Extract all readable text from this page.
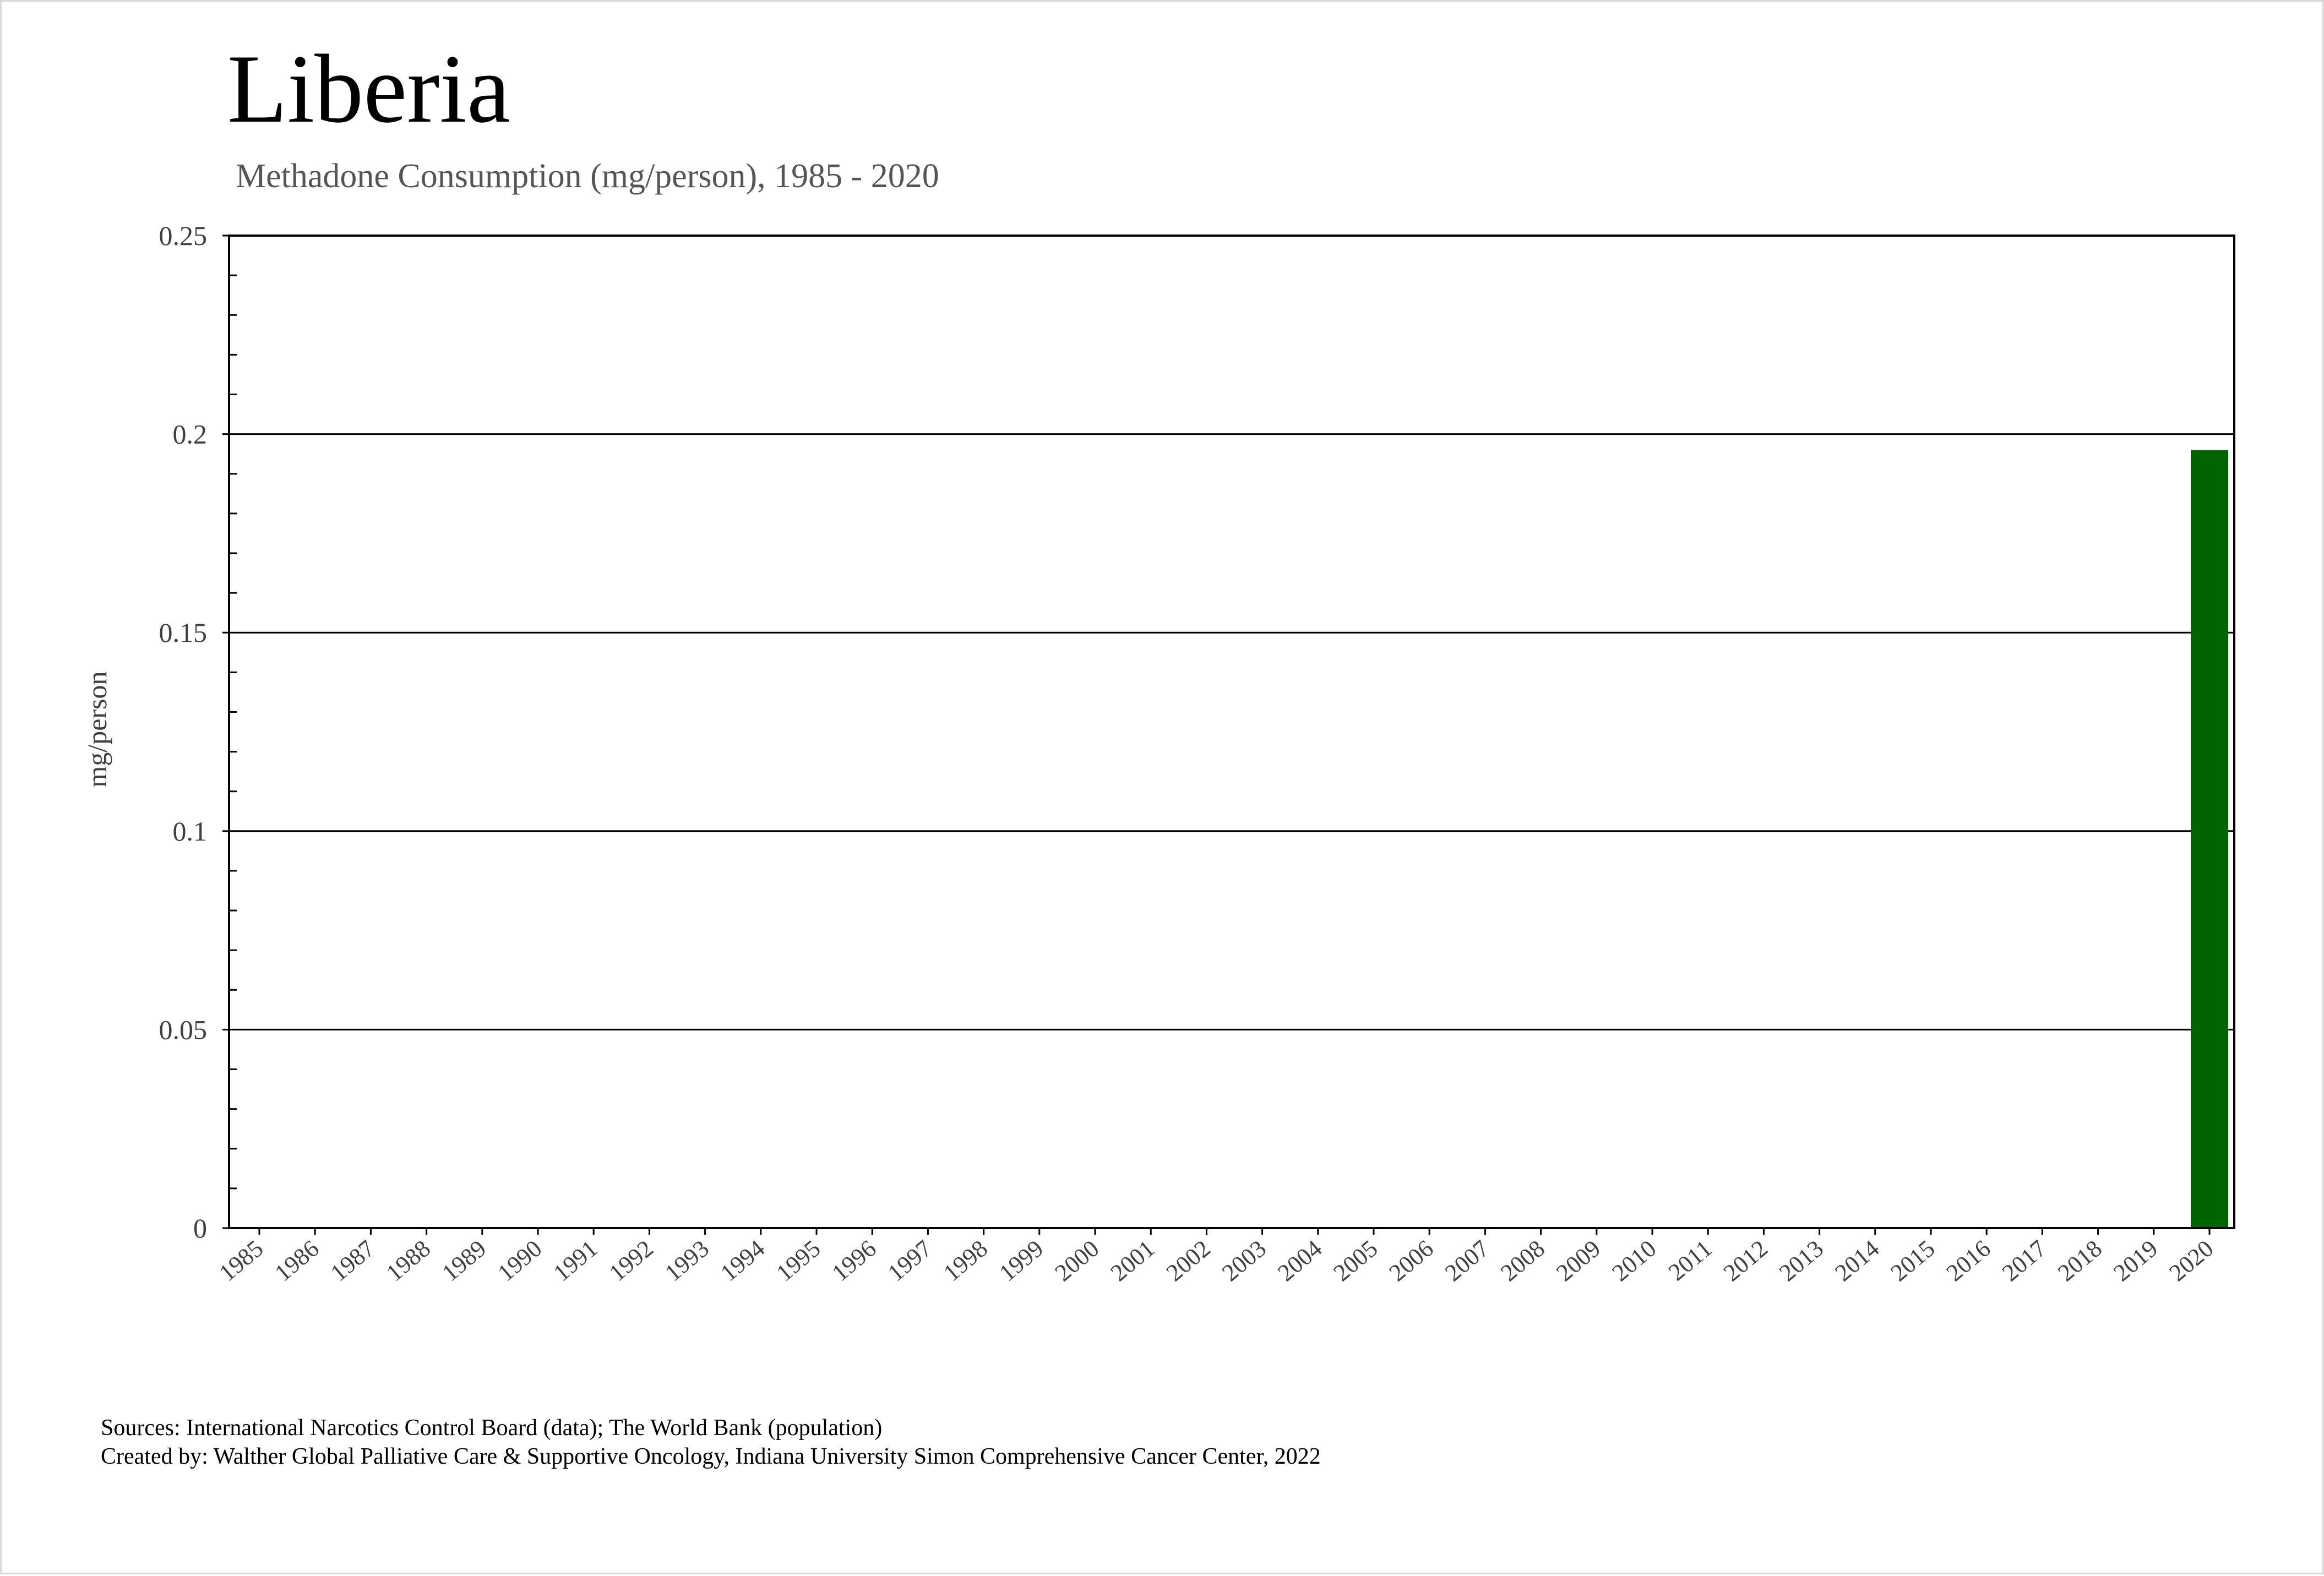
Liberia
Methadone Consumption (mg/person), 1985 - 2020
mg/person
0
0.05
0.1
0.15
0.2
0.25
1985 1986 1987 1988 1989 1990 1991 1992 1993 1994 1995 1996 1997 1998 1999 2000 2001 2002 2003 2004 2005 2006 2007 2008 2009 2010 2011 2012 2013 2014 2015 2016 2017 2018 2019 2020
Sources: International Narcotics Control Board (data); The World Bank (population)
Created by: Walther Global Palliative Care & Supportive Oncology, Indiana University Simon Comprehensive Cancer Center, 2022
